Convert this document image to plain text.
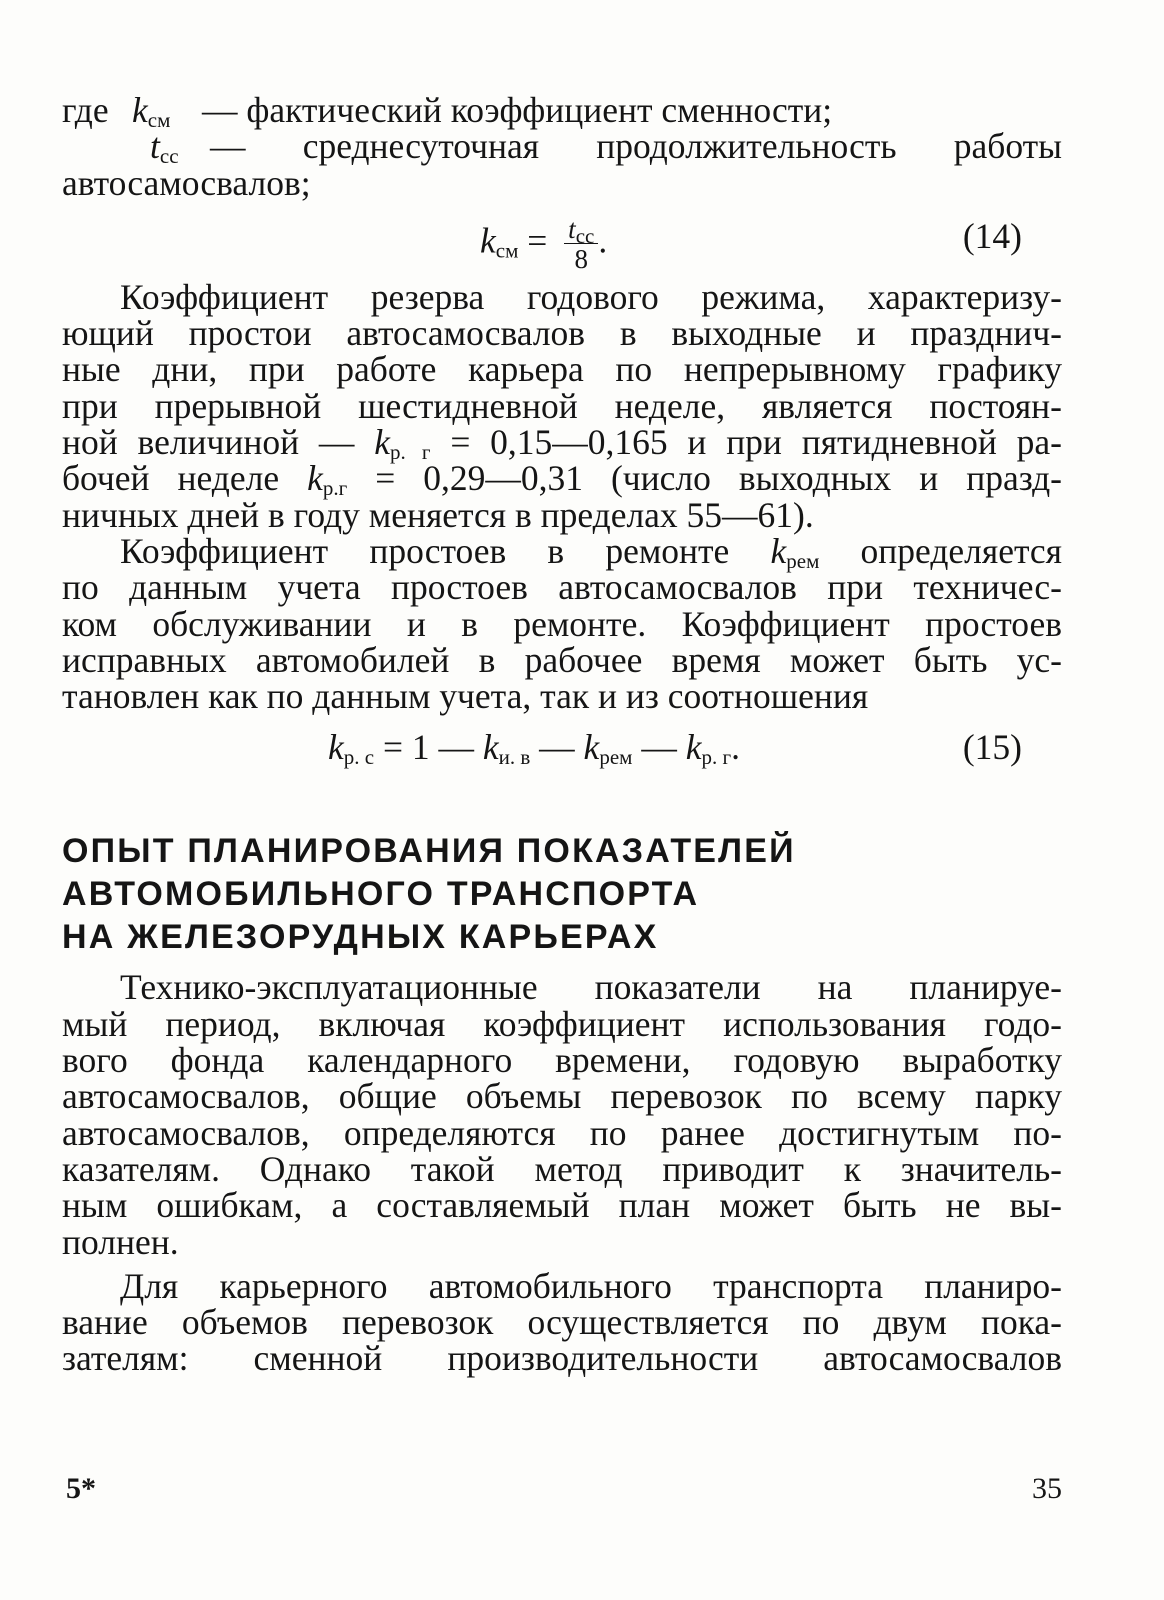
где $k_{см}$ — фактический коэффициент сменности;
$t_{сс}$ — среднесуточная продолжительность работы
автосамосвалов;
$k_{см} = \frac{t_{сс}}{8}$ .	(14)
Коэффициент резерва годового режима, характеризу-
ющий простои автосамосвалов в выходные и празднич-
ные дни, при работе карьера по непрерывному графику
при прерывной шестидневной неделе, является постоян-
ной величиной — $k_{р. г}$ = 0,15—0,165 и при пятидневной ра-
бочей неделе $k_{р.г}$ = 0,29—0,31 (число выходных и празд-
ничных дней в году меняется в пределах 55—61).
Коэффициент простоев в ремонте $k_{рем}$ определяется
по данным учета простоев автосамосвалов при техничес-
ком обслуживании и в ремонте. Коэффициент простоев
исправных автомобилей в рабочее время может быть ус-
тановлен как по данным учета, так и из соотношения
$k_{р. с} = 1$ — $k_{и. в}$ — $k_{рем}$ — $k_{р. г}$.	(15)
ОПЫТ ПЛАНИРОВАНИЯ ПОКАЗАТЕЛЕЙ
АВТОМОБИЛЬНОГО ТРАНСПОРТА
НА ЖЕЛЕЗОРУДНЫХ КАРЬЕРАХ
Технико-эксплуатационные показатели на планируе-
мый период, включая коэффициент использования годо-
вого фонда календарного времени, годовую выработку
автосамосвалов, общие объемы перевозок по всему парку
автосамосвалов, определяются по ранее достигнутым по-
казателям. Однако такой метод приводит к значитель-
ным ошибкам, а составляемый план может быть не вы-
полнен.
Для карьерного автомобильного транспорта планиро-
вание объемов перевозок осуществляется по двум пока-
зателям: сменной производительности автосамосвалов
5*	35
